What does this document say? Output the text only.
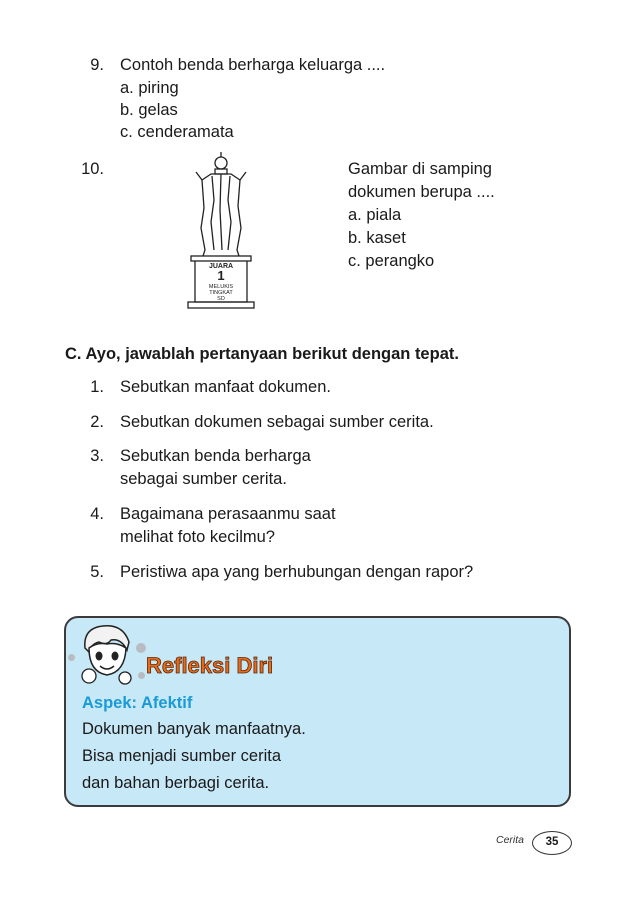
9. Contoh benda berharga keluarga ....
a. piring
b. gelas
c. cenderamata
10.
JUARA
1
MELUKIS
TINGKAT
SD
Gambar di samping
dokumen berupa ....
a. piala
b. kaset
c. perangko
C. Ayo, jawablah pertanyaan berikut dengan tepat.
1. Sebutkan manfaat dokumen.
2. Sebutkan dokumen sebagai sumber cerita.
3. Sebutkan benda berharga
sebagai sumber cerita.
4. Bagaimana perasaanmu saat
melihat foto kecilmu?
5. Peristiwa apa yang berhubungan dengan rapor?
Refleksi Diri
Aspek: Afektif
Dokumen banyak manfaatnya.
Bisa menjadi sumber cerita
dan bahan berbagi cerita.
Cerita	35
